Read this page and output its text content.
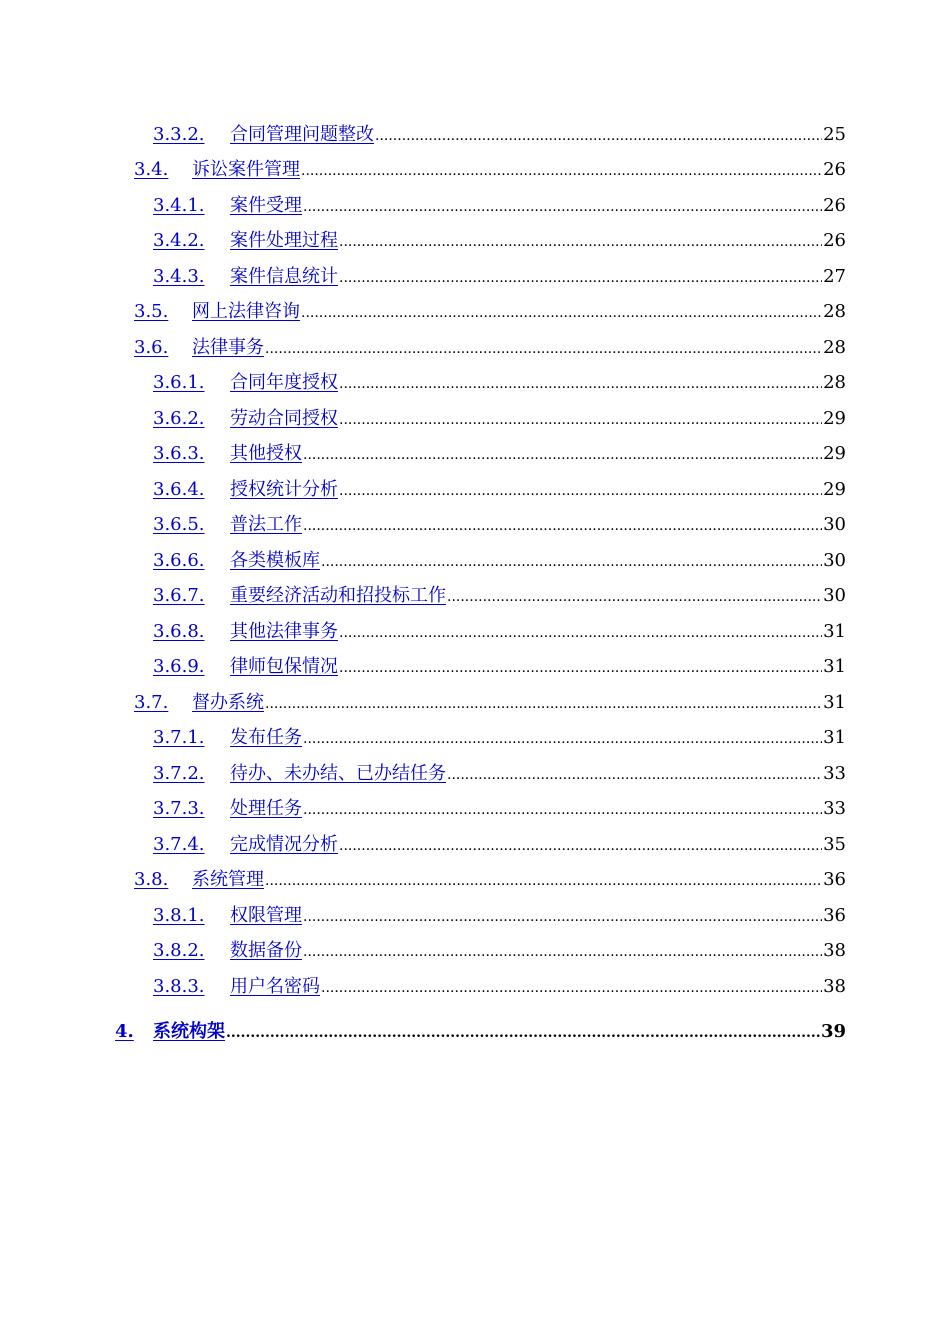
3.3.2.	合同管理问题整改 .....	25
3.4.	诉讼案件管理 .....	26
3.4.1.	案件受理 .....	26
3.4.2.	案件处理过程 .....	26
3.4.3.	案件信息统计 .....	27
3.5.	网上法律咨询 .....	28
3.6.	法律事务 .....	28
3.6.1.	合同年度授权 .....	28
3.6.2.	劳动合同授权 .....	29
3.6.3.	其他授权 .....	29
3.6.4.	授权统计分析 .....	29
3.6.5.	普法工作 .....	30
3.6.6.	各类模板库 .....	30
3.6.7.	重要经济活动和招投标工作 .....	30
3.6.8.	其他法律事务 .....	31
3.6.9.	律师包保情况 .....	31
3.7.	督办系统 .....	31
3.7.1.	发布任务 .....	31
3.7.2.	待办、未办结、已办结任务 .....	33
3.7.3.	处理任务 .....	33
3.7.4.	完成情况分析 .....	35
3.8.	系统管理 .....	36
3.8.1.	权限管理 .....	36
3.8.2.	数据备份 .....	38
3.8.3.	用户名密码 .....	38
4.	系统构架 .....	39
